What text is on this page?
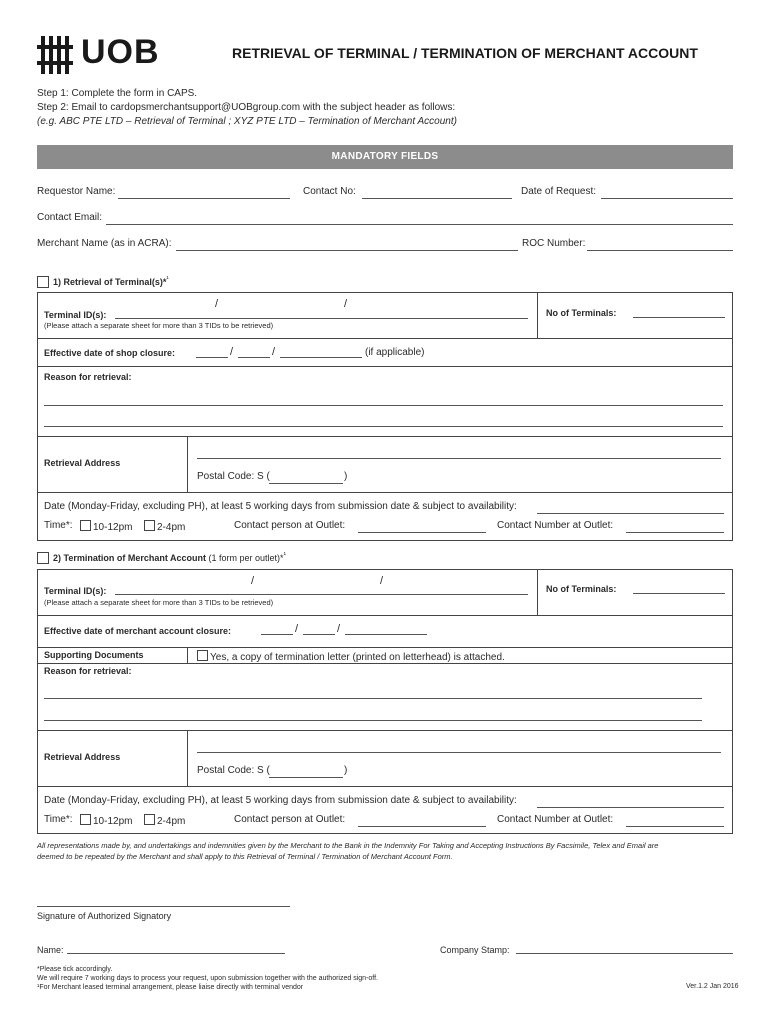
UOB	RETRIEVAL OF TERMINAL / TERMINATION OF MERCHANT ACCOUNT
Step 1: Complete the form in CAPS.
Step 2: Email to cardopsmerchantsupport@UOBgroup.com with the subject header as follows:
(e.g. ABC PTE LTD – Retrieval of Terminal ; XYZ PTE LTD – Termination of Merchant Account)
MANDATORY FIELDS
Requestor Name:	Contact No:	Date of Request:
Contact Email:
Merchant Name (as in ACRA):	ROC Number:
1) Retrieval of Terminal(s)*$^{^1}$
Terminal ID(s):
/	/
(Please attach a separate sheet for more than 3 TIDs to be retrieved)
No of Terminals:
Effective date of shop closure:	/	/	(if applicable)
Reason for retrieval:
Retrieval Address
Postal Code: S (	)
Date (Monday-Friday, excluding PH), at least 5 working days from submission date & subject to availability:
Time*:	10-12pm	2-4pm	Contact person at Outlet:	Contact Number at Outlet:
2) Termination of Merchant Account (1 form per outlet)*$^{^1}$
Terminal ID(s):
/	/
(Please attach a separate sheet for more than 3 TIDs to be retrieved)
No of Terminals:
Effective date of merchant account closure:	/	/
Supporting Documents	Yes, a copy of termination letter (printed on letterhead) is attached.
Reason for retrieval:
Retrieval Address
Postal Code: S (	)
Date (Monday-Friday, excluding PH), at least 5 working days from submission date & subject to availability:
Time*:	10-12pm	2-4pm	Contact person at Outlet:	Contact Number at Outlet:
All representations made by, and undertakings and indemnities given by the Merchant to the Bank in the Indemnity For Taking and Accepting Instructions By Facsimile, Telex and Email are
deemed to be repeated by the Merchant and shall apply to this Retrieval of Terminal / Termination of Merchant Account Form.
Signature of Authorized Signatory
Name:	Company Stamp:
*Please tick accordingly.
We will require 7 working days to process your request, upon submission together with the authorized sign-off.
¹For Merchant leased terminal arrangement, please liaise directly with terminal vendor	Ver.1.2 Jan 2016
